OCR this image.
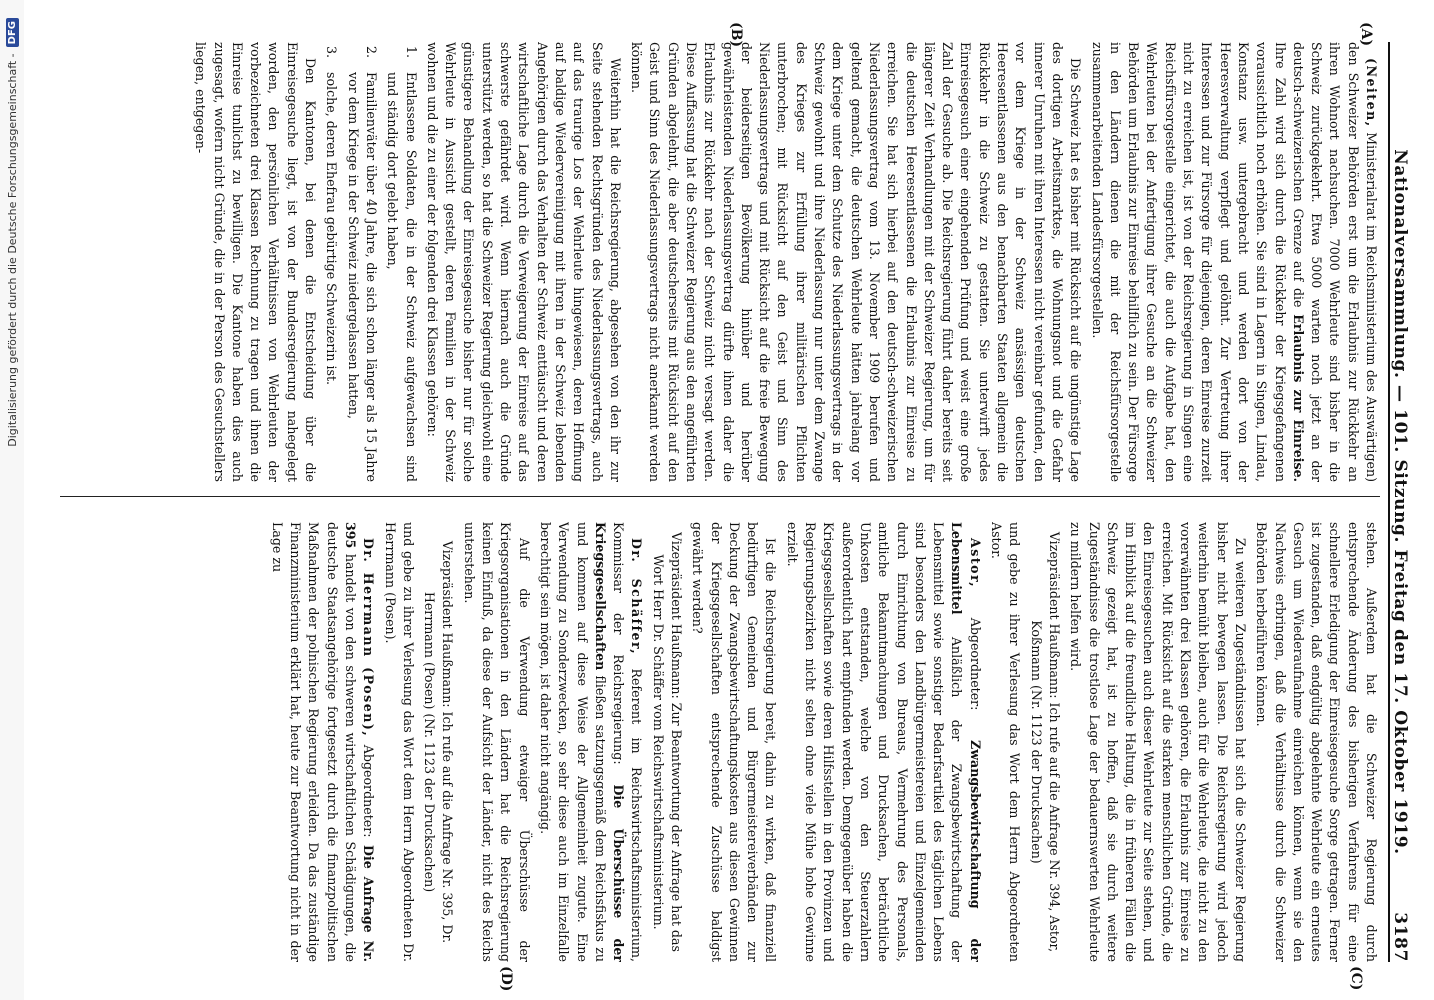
Digitalisierung gefördert durch die Deutsche Forschungsgemeinschaft -
DFG
Nationalversammlung. — 101. Sitzung. Freitag den 17. Oktober 1919.
3187
(A)
(B)
(C)
(D)

(Neiten, Ministerialrat im Reichsministerium des Auswärtigen) den Schweizer Behörden erst um die Erlaubnis zur Rückkehr an ihren Wohnort nachsuchen. 7000 Wehrleute sind bisher in die Schweiz zurückgekehrt. Etwa 5000 warten noch jetzt an der deutsch-schweizerischen Grenze auf die Erlaubnis zur Einreise. Ihre Zahl wird sich durch die Rückkehr der Kriegsgefangenen voraussichtlich noch erhöhen. Sie sind in Lagern in Singen, Lindau, Konstanz usw. untergebracht und werden dort von der Heeresverwaltung verpflegt und gelöhnt. Zur Vertretung ihrer Interessen und zur Fürsorge für diejenigen, deren Einreise zurzeit nicht zu erreichen ist, ist von der Reichsregierung in Singen eine Reichsfürsorgestelle eingerichtet, die auch die Aufgabe hat, den Wehrleuten bei der Anfertigung ihrer Gesuche an die Schweizer Behörden um Erlaubnis zur Einreise behilflich zu sein. Der Fürsorge in den Ländern dienen die mit der Reichsfürsorgestelle zusammenarbeitenden Landesfürsorgestellen.

Die Schweiz hat es bisher mit Rücksicht auf die ungünstige Lage des dortigen Arbeitsmarktes, die Wohnungsnot und die Gefahr innerer Unruhen mit ihren Interessen nicht vereinbar gefunden, den vor dem Kriege in der Schweiz ansässigen deutschen Heeresentlassenen aus den benachbarten Staaten allgemein die Rückkehr in die Schweiz zu gestatten. Sie unterwirft jedes Einreisegesuch einer eingehenden Prüfung und weist eine große Zahl der Gesuche ab. Die Reichsregierung führt daher bereits seit längerer Zeit Verhandlungen mit der Schweizer Regierung, um für die deutschen Heeresentlassenen die Erlaubnis zur Einreise zu erreichen. Sie hat sich hierbei auf den deutsch-schweizerischen Niederlassungsvertrag vom 13. November 1909 berufen und geltend gemacht, die deutschen Wehrleute hätten jahrelang vor dem Kriege unter dem Schutze des Niederlassungsvertrags in der Schweiz gewohnt und ihre Niederlassung nur unter dem Zwange des Krieges zur Erfüllung ihrer militärischen Pflichten unterbrochen; mit Rücksicht auf den Geist und Sinn des Niederlassungsvertrags und mit Rücksicht auf die freie Bewegung der beiderseitigen Bevölkerung hinüber und herüber gewährleistenden Niederlassungsvertrag dürfte ihnen daher die Erlaubnis zur Rückkehr nach der Schweiz nicht versagt werden. Diese Auffassung hat die Schweizer Regierung aus den angeführten Gründen abgelehnt, die aber deutscherseits mit Rücksicht auf den Geist und Sinn des Niederlassungsvertrags nicht anerkannt werden können.

Weiterhin hat die Reichsregierung, abgesehen von den ihr zur Seite stehenden Rechtsgründen des Niederlassungsvertrags, auch auf das traurige Los der Wehrleute hingewiesen, deren Hoffnung auf baldige Wiedervereinigung mit ihren in der Schweiz lebenden Angehörigen durch das Verhalten der Schweiz enttäuscht und deren wirtschaftliche Lage durch die Verweigerung der Einreise auf das schwerste gefährdet wird. Wenn hiernach auch die Gründe unterstützt werden, so hat die Schweizer Regierung gleichwohl eine günstigere Behandlung der Einreisegesuche bisher nur für solche Wehrleute in Aussicht gestellt, deren Familien in der Schweiz wohnen und die zu einer der folgenden drei Klassen gehören:

1.Entlassene Soldaten, die in der Schweiz aufgewachsen sind und ständig dort gelebt haben,

2.Familienväter über 40 Jahre, die sich schon länger als 15 Jahre vor dem Kriege in der Schweiz niedergelassen hatten,

3.solche, deren Ehefrau gebürtige Schweizerin ist.

Den Kantonen, bei denen die Entscheidung über die Einreisegesuche liegt, ist von der Bundesregierung nahegelegt worden, den persönlichen Verhältnissen von Wehrleuten der vorbezeichneten drei Klassen Rechnung zu tragen und ihnen die Einreise tunlichst zu bewilligen. Die Kantone haben dies auch zugesagt, wofern nicht Gründe, die in der Person des Gesuchstellers liegen, entgegen-

stehen. Außerdem hat die Schweizer Regierung durch entsprechende Änderung des bisherigen Verfahrens für eine schnellere Erledigung der Einreisegesuche Sorge getragen. Ferner ist zugestanden, daß endgültig abgelehnte Wehrleute ein erneutes Gesuch um Wiederaufnahme einreichen können, wenn sie den Nachweis erbringen, daß die Verhältnisse durch die Schweizer Behörden herbeiführen können.

Zu weiteren Zugeständnissen hat sich die Schweizer Regierung bisher nicht bewegen lassen. Die Reichsregierung wird jedoch weiterhin bemüht bleiben, auch für die Wehrleute, die nicht zu den vorerwähnten drei Klassen gehören, die Erlaubnis zur Einreise zu erreichen. Mit Rücksicht auf die starken menschlichen Gründe, die den Einreisegesuchen auch dieser Wehrleute zur Seite stehen, und im Hinblick auf die freundliche Haltung, die in früheren Fällen die Schweiz gezeigt hat, ist zu hoffen, daß sie durch weitere Zugeständnisse die trostlose Lage der bedauernswerten Wehrleute zu mildern helfen wird.

Vizepräsident Haußmann: Ich rufe auf die Anfrage Nr. 394, Astor, Koßmann (Nr. 1123 der Drucksachen)

und gebe zu ihrer Verlesung das Wort dem Herrn Abgeordneten Astor.

Astor, Abgeordneter: Zwangsbewirtschaftung der Lebensmittel Anläßlich der Zwangsbewirtschaftung der Lebensmittel sowie sonstiger Bedarfsartikel des täglichen Lebens sind besonders den Landbürgermeistereien und Einzelgemeinden durch Einrichtung von Bureaus, Vermehrung des Personals, amtliche Bekanntmachungen und Drucksachen, beträchtliche Unkosten entstanden, welche von den Steuerzahlern außerordentlich hart empfunden werden. Demgegenüber haben die Kriegsgesellschaften sowie deren Hilfsstellen in den Provinzen und Regierungsbezirken nicht selten ohne viele Mühe hohe Gewinne erzielt.

Ist die Reichsregierung bereit, dahin zu wirken, daß finanziell bedürftigen Gemeinden und Bürgermeistereiverbänden zur Deckung der Zwangsbewirtschaftungskosten aus diesen Gewinnen der Kriegsgesellschaften entsprechende Zuschüsse baldigst gewährt werden?

Vizepräsident Haußmann: Zur Beantwortung der Anfrage hat das Wort Herr Dr. Schäffer vom Reichswirtschaftsministerium.

Dr. Schäffer, Referent im Reichswirtschaftsministerium, Kommissar der Reichsregierung: Die Überschüsse der Kriegsgesellschaften fließen satzungsgemäß dem Reichsfiskus zu und kommen auf diese Weise der Allgemeinheit zugute. Eine Verwendung zu Sonderzwecken, so sehr diese auch im Einzelfalle berechtigt sein mögen, ist daher nicht angängig.

Auf die Verwendung etwaiger Überschüsse der Kriegsorganisationen in den Ländern hat die Reichsregierung keinen Einfluß, da diese der Aufsicht der Länder, nicht des Reichs unterstehen.

Vizepräsident Haußmann: Ich rufe auf die Anfrage Nr. 395, Dr. Herrmann (Posen) (Nr. 1123 der Drucksachen)

und gebe zu ihrer Verlesung das Wort dem Herrn Abgeordneten Dr. Herrmann (Posen).

Dr. Herrmann (Posen), Abgeordneter: Die Anfrage Nr. 395 handelt von den schweren wirtschaftlichen Schädigungen, die deutsche Staatsangehörige fortgesetzt durch die finanzpolitischen Maßnahmen der polnischen Regierung erleiden. Da das zuständige Finanzministerium erklärt hat, heute zur Beantwortung nicht in der Lage zu
